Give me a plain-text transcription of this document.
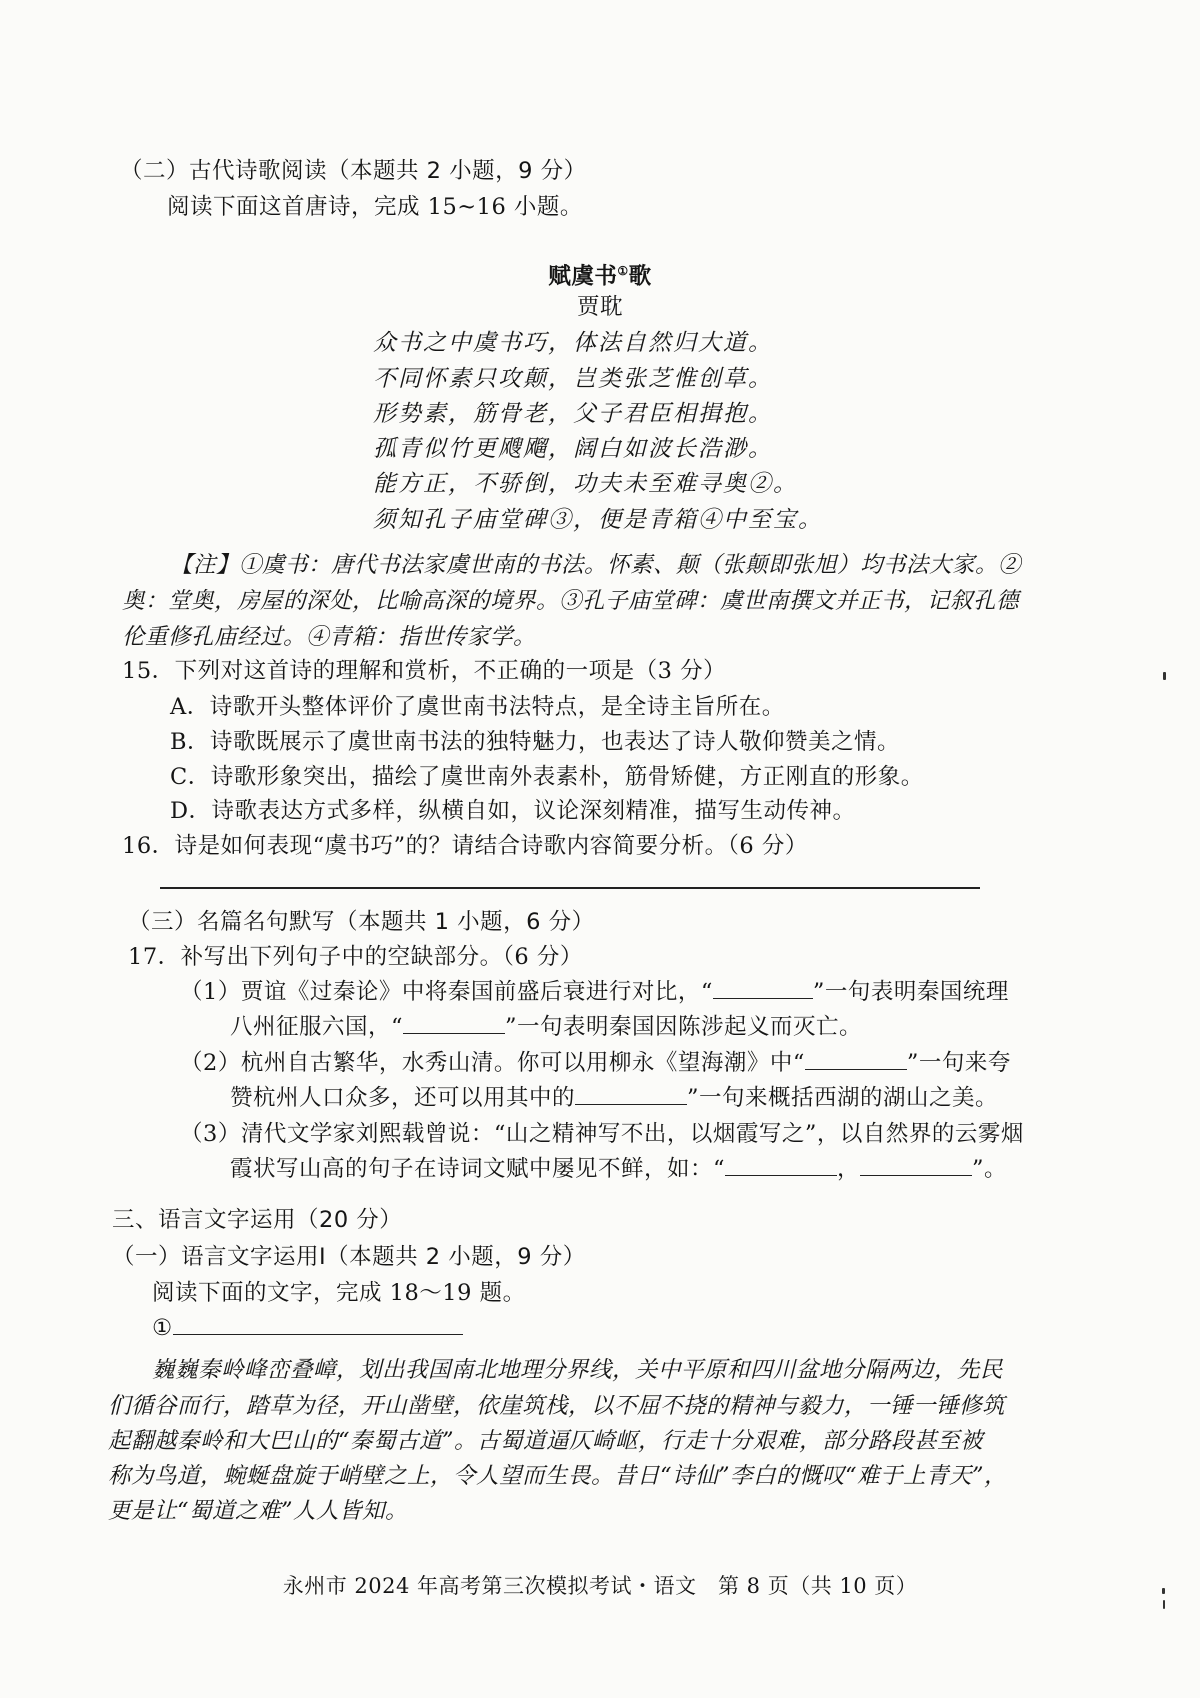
（二）古代诗歌阅读（本题共 2 小题，9 分）
阅读下面这首唐诗，完成 15~16 小题。
赋虞书①歌
贾耽
众书之中虞书巧，体法自然归大道。
不同怀素只攻颠，岂类张芝惟创草。
形势素，筋骨老，父子君臣相揖抱。
孤青似竹更飕飗，阔白如波长浩渺。
能方正，不骄倒，功夫未至难寻奥②。
须知孔子庙堂碑③，便是青箱④中至宝。
【注】①虞书：唐代书法家虞世南的书法。怀素、颠（张颠即张旭）均书法大家。②
奥：堂奥，房屋的深处，比喻高深的境界。③孔子庙堂碑：虞世南撰文并正书，记叙孔德
伦重修孔庙经过。④青箱：指世传家学。
15．下列对这首诗的理解和赏析，不正确的一项是（3 分）
A．诗歌开头整体评价了虞世南书法特点，是全诗主旨所在。
B．诗歌既展示了虞世南书法的独特魅力，也表达了诗人敬仰赞美之情。
C．诗歌形象突出，描绘了虞世南外表素朴，筋骨矫健，方正刚直的形象。
D．诗歌表达方式多样，纵横自如，议论深刻精准，描写生动传神。
16．诗是如何表现“虞书巧”的？请结合诗歌内容简要分析。（6 分）
（三）名篇名句默写（本题共 1 小题，6 分）
17．补写出下列句子中的空缺部分。（6 分）
（1）贾谊《过秦论》中将秦国前盛后衰进行对比，“	”一句表明秦国统理
八州征服六国，“	”一句表明秦国因陈涉起义而灭亡。
（2）杭州自古繁华，水秀山清。你可以用柳永《望海潮》中“	”一句来夸
赞杭州人口众多，还可以用其中的	”一句来概括西湖的湖山之美。
（3）清代文学家刘熙载曾说：“山之精神写不出，以烟霞写之”，以自然界的云雾烟
霞状写山高的句子在诗词文赋中屡见不鲜，如：“	，	”。
三、语言文字运用（20 分）
（一）语言文字运用Ⅰ（本题共 2 小题，9 分）
阅读下面的文字，完成 18～19 题。
①
巍巍秦岭峰峦叠嶂，划出我国南北地理分界线，关中平原和四川盆地分隔两边，先民
们循谷而行，踏草为径，开山凿壁，依崖筑栈，以不屈不挠的精神与毅力，一锤一锤修筑
起翻越秦岭和大巴山的“秦蜀古道”。古蜀道逼仄崎岖，行走十分艰难，部分路段甚至被
称为鸟道，蜿蜒盘旋于峭壁之上，令人望而生畏。昔日“诗仙”李白的慨叹“难于上青天”，
更是让“蜀道之难”人人皆知。
永州市 2024 年高考第三次模拟考试・语文　第 8 页（共 10 页）
